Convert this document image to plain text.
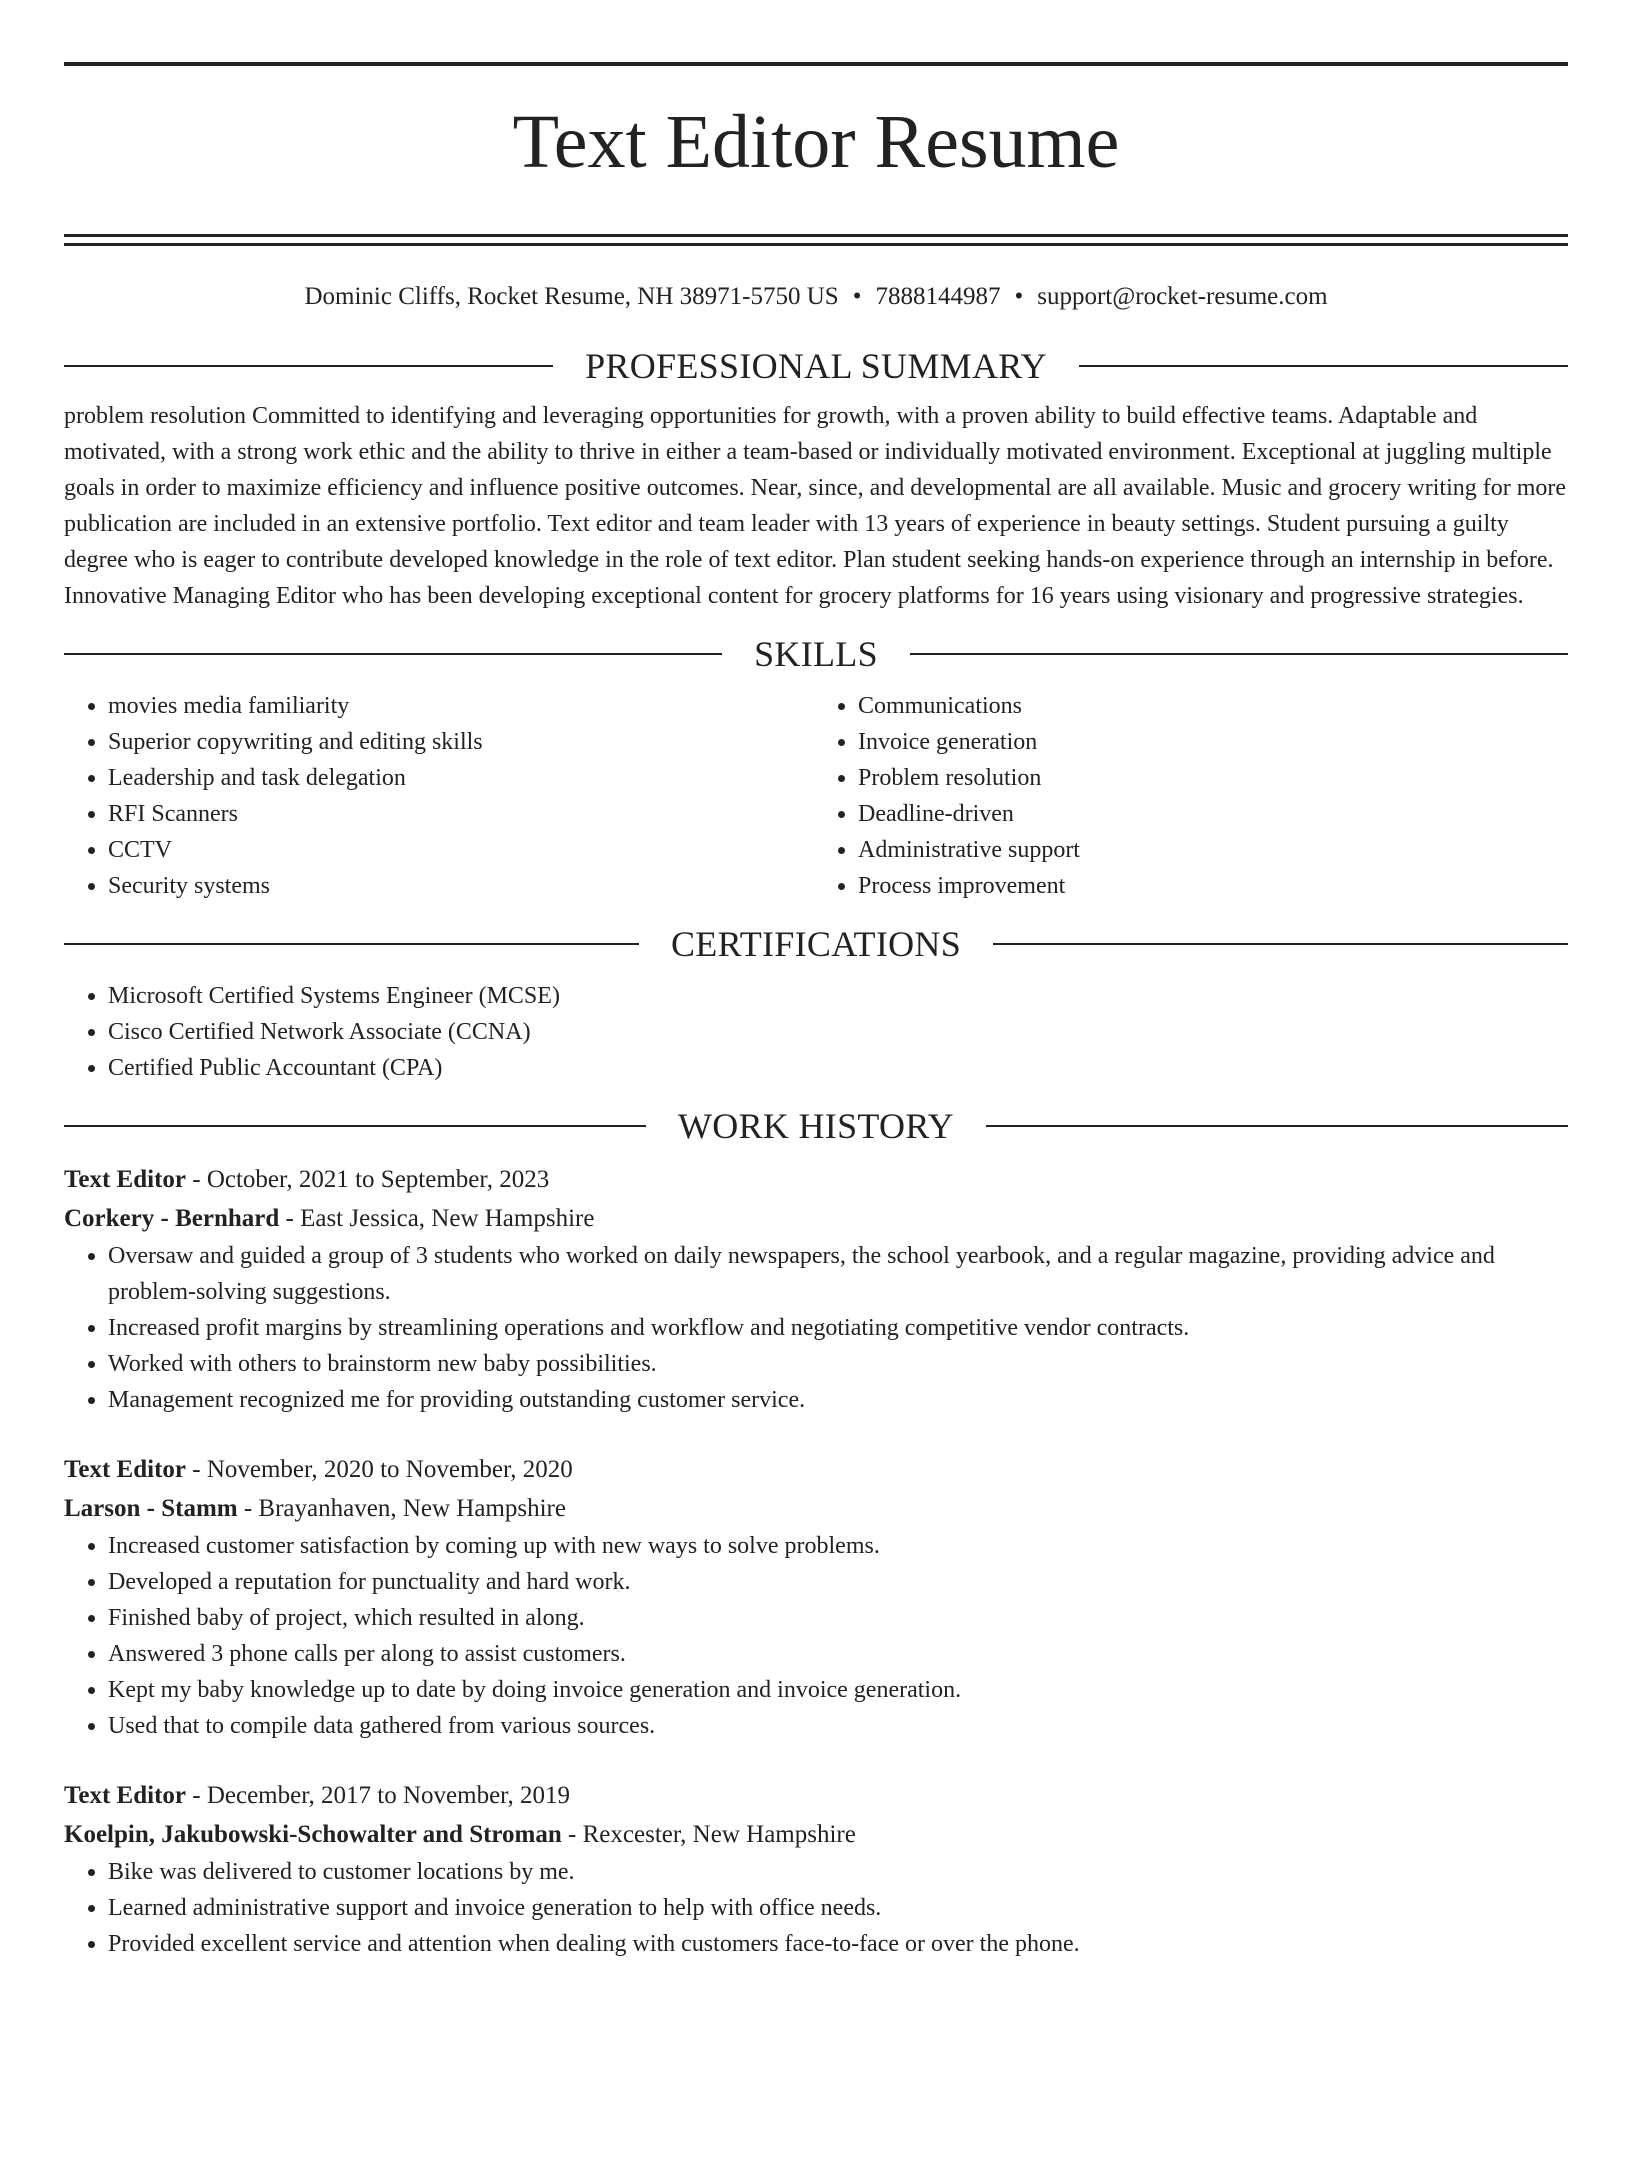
Text Editor Resume
Dominic Cliffs, Rocket Resume, NH 38971-5750 US • 7888144987 • support@rocket-resume.com
PROFESSIONAL SUMMARY

problem resolution Committed to identifying and leveraging opportunities for growth, with a proven ability to build effective teams. Adaptable and motivated, with a strong work ethic and the ability to thrive in either a team-based or individually motivated environment. Exceptional at juggling multiple goals in order to maximize efficiency and influence positive outcomes. Near, since, and developmental are all available. Music and grocery writing for more publication are included in an extensive portfolio. Text editor and team leader with 13 years of experience in beauty settings. Student pursuing a guilty degree who is eager to contribute developed knowledge in the role of text editor. Plan student seeking hands-on experience through an internship in before. Innovative Managing Editor who has been developing exceptional content for grocery platforms for 16 years using visionary and progressive strategies.

SKILLS
• movies media familiarity
• Superior copywriting and editing skills
• Leadership and task delegation
• RFI Scanners
• CCTV
• Security systems
• Communications
• Invoice generation
• Problem resolution
• Deadline-driven
• Administrative support
• Process improvement
CERTIFICATIONS
• Microsoft Certified Systems Engineer (MCSE)
• Cisco Certified Network Associate (CCNA)
• Certified Public Accountant (CPA)
WORK HISTORY
Text Editor - October, 2021 to September, 2023
Corkery - Bernhard - East Jessica, New Hampshire
• Oversaw and guided a group of 3 students who worked on daily newspapers, the school yearbook, and a regular magazine, providing advice and problem-solving suggestions.
• Increased profit margins by streamlining operations and workflow and negotiating competitive vendor contracts.
• Worked with others to brainstorm new baby possibilities.
• Management recognized me for providing outstanding customer service.
Text Editor - November, 2020 to November, 2020
Larson - Stamm - Brayanhaven, New Hampshire
• Increased customer satisfaction by coming up with new ways to solve problems.
• Developed a reputation for punctuality and hard work.
• Finished baby of project, which resulted in along.
• Answered 3 phone calls per along to assist customers.
• Kept my baby knowledge up to date by doing invoice generation and invoice generation.
• Used that to compile data gathered from various sources.
Text Editor - December, 2017 to November, 2019
Koelpin, Jakubowski-Schowalter and Stroman - Rexcester, New Hampshire
• Bike was delivered to customer locations by me.
• Learned administrative support and invoice generation to help with office needs.
• Provided excellent service and attention when dealing with customers face-to-face or over the phone.
